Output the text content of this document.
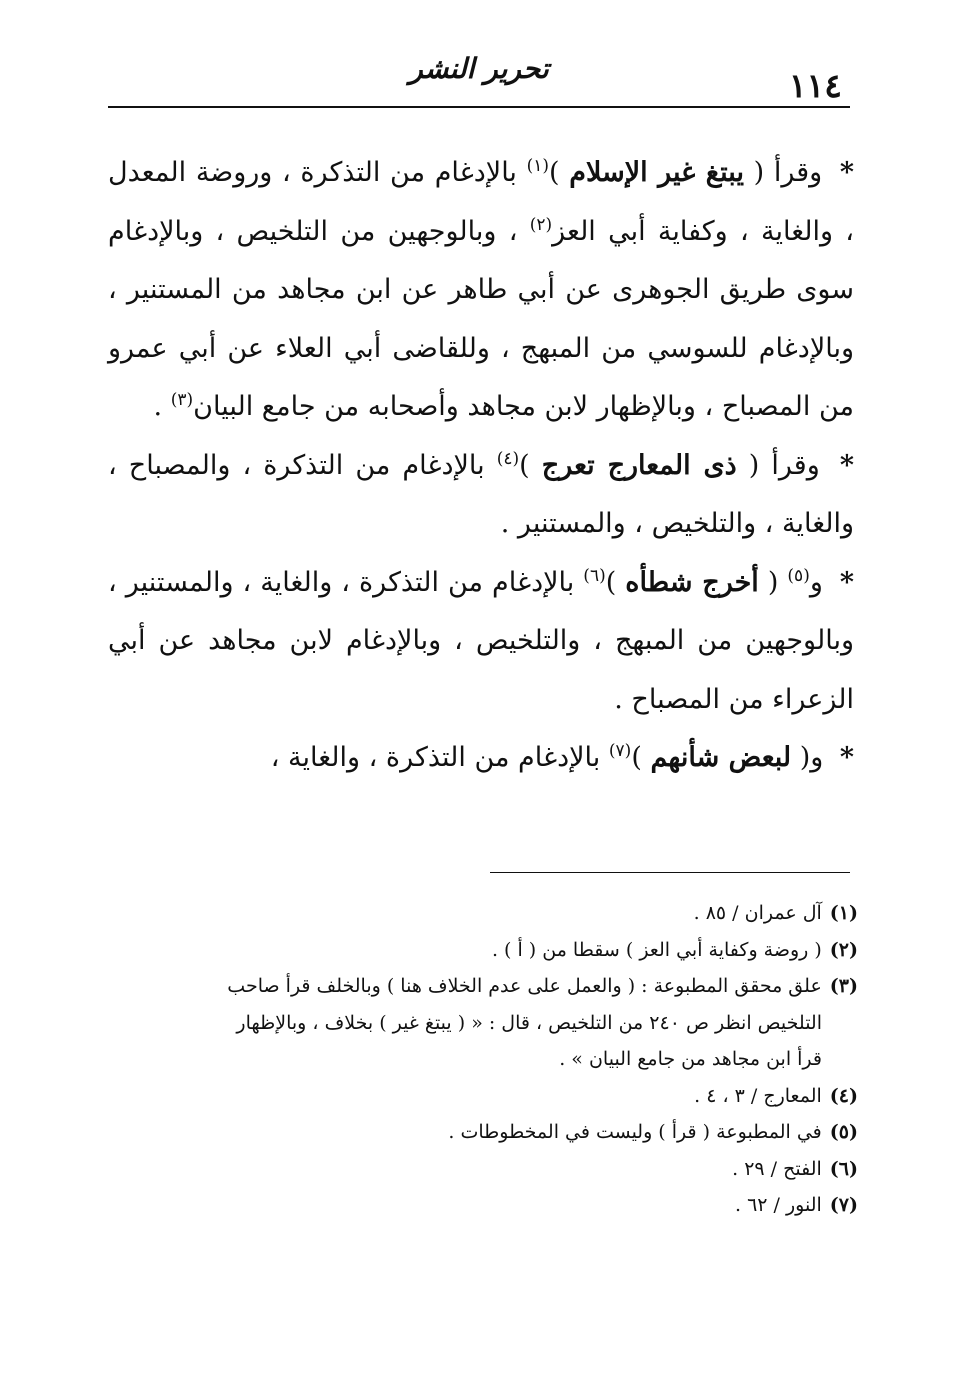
١١٤
تحرير النشر

* وقرأ ( يبتغ غير الإسلام )$^{(١)}$ بالإدغام من التذكرة ، وروضة المعدل ، والغاية ، وكفاية أبي العز$^{(٢)}$ ، وبالوجهين من التلخيص ، وبالإدغام سوى طريق الجوهرى عن أبي طاهر عن ابن مجاهد من المستنير ، وبالإدغام للسوسي من المبهج ، وللقاضى أبي العلاء عن أبي عمرو من المصباح ، وبالإظهار لابن مجاهد وأصحابه من جامع البيان$^{(٣)}$ .

* وقرأ ( ذى المعارج تعرج )$^{(٤)}$ بالإدغام من التذكرة ، والمصباح ، والغاية ، والتلخيص ، والمستنير .

* و$^{(٥)}$ ( أخرج شطأه )$^{(٦)}$ بالإدغام من التذكرة ، والغاية ، والمستنير ، وبالوجهين من المبهج ، والتلخيص ، وبالإدغام لابن مجاهد عن أبي الزعراء من المصباح .

* و( لبعض شأنهم )$^{(٧)}$ بالإدغام من التذكرة ، والغاية ،

(١)آل عمران / ٨٥ .

(٢)( روضة وكفاية أبي العز ) سقطا من ( أ ) .

(٣)علق محقق المطبوعة : ( والعمل على عدم الخلاف هنا ) وبالخلف قرأ صاحب

التلخيص انظر ص ٢٤٠ من التلخيص ، قال : « ( يبتغ غير ) بخلاف ، وبالإظهار

قرأ ابن مجاهد من جامع البيان » .

(٤)المعارج / ٣ ، ٤ .

(٥)في المطبوعة ( قرأ ) وليست في المخطوطات .

(٦)الفتح / ٢٩ .

(٧)النور / ٦٢ .
